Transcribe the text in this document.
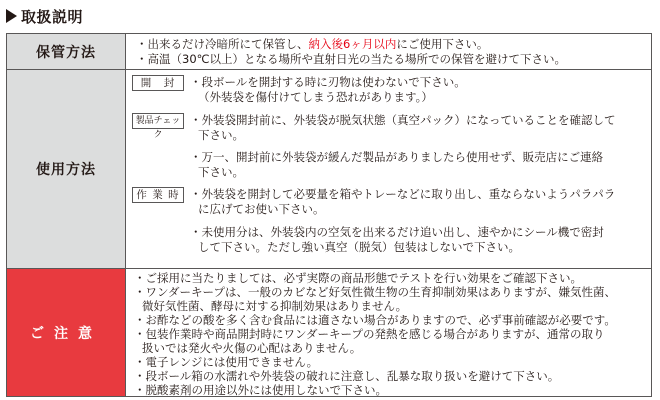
取扱説明
保管方法
・出来るだけ冷暗所にて保管し、納入後6ヶ月以内にご使用下さい。
・高温（30℃以上）となる場所や直射日光の当たる場所での保管を避けて下さい。
使用方法
開　封
製品チェック
作 業 時
・段ボールを開封する時に刃物は使わないで下さい。
（外装袋を傷付けてしまう恐れがあります。）
・外装袋開封前に、外装袋が脱気状態（真空パック）になっていることを確認して
下さい。
・万一、開封前に外装袋が緩んだ製品がありましたら使用せず、販売店にご連絡
下さい。
・外装袋を開封して必要量を箱やトレーなどに取り出し、重ならないようパラパラ
に広げてお使い下さい。
・未使用分は、外装袋内の空気を出来るだけ追い出し、速やかにシール機で密封
して下さい。ただし強い真空（脱気）包装はしないで下さい。
ご注意
・ご採用に当たりましては、必ず実際の商品形態でテストを行い効果をご確認下さい。
・ワンダーキープは、一般のカビなど好気性微生物の生育抑制効果はありますが、嫌気性菌、
微好気性菌、酵母に対する抑制効果はありません。
・お酢などの酸を多く含む食品には適さない場合がありますので、必ず事前確認が必要です。
・包装作業時や商品開封時にワンダーキープの発熱を感じる場合がありますが、通常の取り
扱いでは発火や火傷の心配はありません。
・電子レンジには使用できません。
・段ボール箱の水濡れや外装袋の破れに注意し、乱暴な取り扱いを避けて下さい。
・脱酸素剤の用途以外には使用しないで下さい。
